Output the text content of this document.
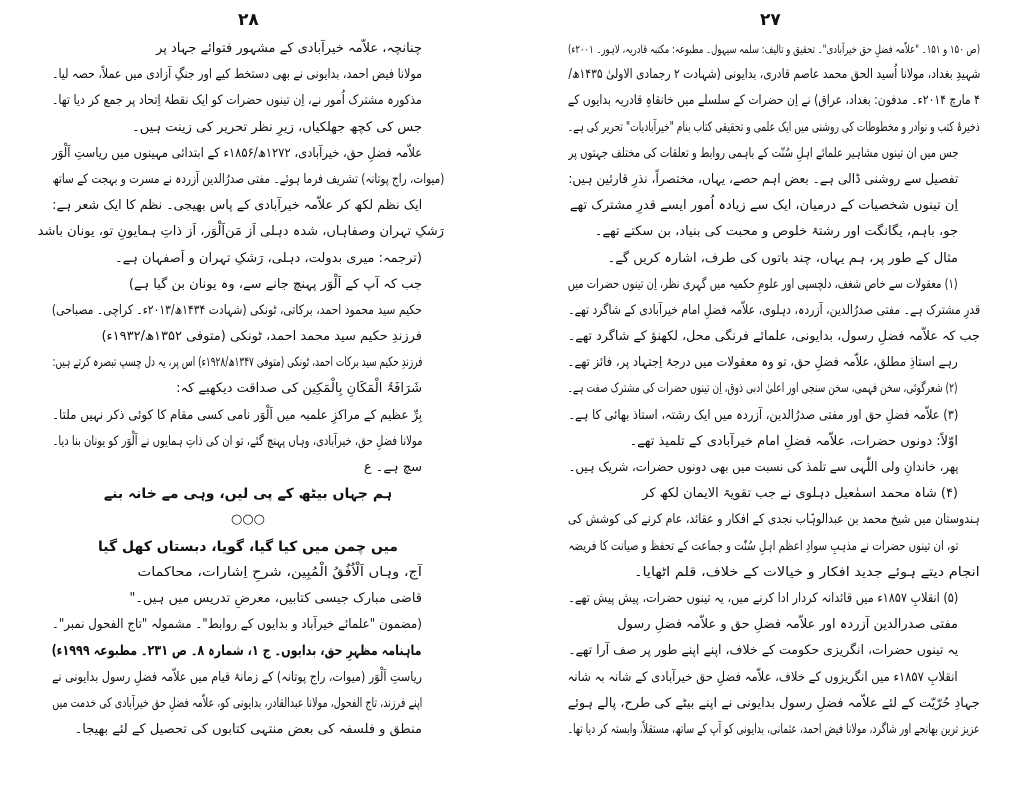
۲۸	۲۷
چنانچہ، علاّمہ خیرآبادی کے مشہور فتوائے جہاد پر
مولانا فیض احمد، بدایونی نے بھی دستخط کیے اور جنگِ آزادی میں عملاً، حصہ لیا۔
مذکورہ مشترک اُمور نے، اِن تینوں حضرات کو ایک نقطۂ اِتحاد پر جمع کر دیا تھا۔
جس کی کچھ جھلکیاں، زیرِ نظر تحریر کی زینت ہیں۔
علاّمہ فضلِ حق، خیرآبادی، ۱۲۷۲ھ/۱۸۵۶ء کے ابتدائی مہینوں میں ریاستِ اَلْوَر
(میوات، راج پوتانہ) تشریف فرما ہوئے۔ مفتی صدرُالدین آزردہ نے مسرت و بہجت کے ساتھ
ایک نظم لکھ کر علاّمہ خیرآبادی کے پاس بھیجی۔ نظم کا ایک شعر ہے:
رَشکِ تہران وصفاہاں، شدہ دہلی اَز مَن
اَلْوَر، اَز ذاتِ ہمایونِ تو، یونان باشد
(ترجمہ: میری بدولت، دہلی، رَشکِ تہران و اَصفہان ہے۔
جب کہ آپ کے اَلْوَر پہنچ جانے سے، وہ یونان بن گیا ہے)
حکیم سید محمود احمد، برکاتی، ٹونکی (شہادت ۱۴۳۴ھ/۲۰۱۳ء۔ کراچی۔ مصباحی)
فرزندِ حکیم سید محمد احمد، ٹونکی (متوفی ۱۳۵۲ھ/۱۹۳۲ء)
فرزندِ حکیم سید برکات احمد، ٹونکی (متوفی ۱۳۴۷ھ/۱۹۲۸ء) اس پر، یہ دل چسپ تبصرہ کرتے ہیں:
شَرَافَۃُ الْمَکَانِ بِالْمَکِین کی صداقت دیکھیے کہ:
بِرِّ عظیم کے مراکزِ علمیہ میں اَلْوَر نامی کسی مقام کا کوئی ذکر نہیں ملتا۔
مولانا فضلِ حق، خیرآبادی، وہاں پہنچ گئے، تو ان کی ذاتِ ہمایوں نے اَلْوَر کو یونان بنا دیا۔
سچ ہے۔ ع
ہم جہاں بیٹھ کے پی لیں، وہی مے خانہ بنے
○○○
میں چمن میں کیا گیا، گویا، دبستاں کھل گیا
آج، وہاں اَلْاُفُقُ الْمُبِین، شرحِ اِشارات، محاکمات
قاضی مبارک جیسی کتابیں، معرضِ تدریس میں ہیں۔"
(مضمون "علمائے خیرآباد و بدایوں کے روابط"۔ مشمولہ "تاج الفحول نمبر"۔
ماہنامہ مظہرِ حق، بدایوں۔ ج ۱، شمارہ ۸۔ ص ۲۳۱۔ مطبوعہ ۱۹۹۹ء)
ریاستِ اَلْوَر (میوات، راج پوتانہ) کے زمانۂ قیام میں علاّمہ فضلِ رسول بدایونی نے
اپنے فرزند، تاج الفحول، مولانا عبدالقادر، بدایونی کو، علاّمہ فضلِ حق خیرآبادی کی خدمت میں
منطق و فلسفہ کی بعض منتہی کتابوں کی تحصیل کے لئے بھیجا۔
(ص ۱۵۰ و ۱۵۱۔ "علاّمہ فضلِ حق خیرآبادی"۔ تحقیق و تالیف: سلمہ سیہول۔ مطبوعہ: مکتبہ قادریہ، لاہور۔ ۲۰۰۱ء)
شہیدِ بغداد، مولانا اُسید الحق محمد عاصم قادری، بدایونی (شہادت ۲ رجمادی الاولیٰ ۱۴۳۵ھ/
۴ مارچ ۲۰۱۴ء۔ مدفون: بغداد، عراق) نے اِن حضرات کے سلسلے میں خانقاہِ قادریہ بدایوں کے
ذخیرۂ کتب و نوادر و مخطوطات کی روشنی میں ایک علمی و تحقیقی کتاب بنام "خیرآبادیات" تحریر کی ہے۔
جس میں ان تینوں مشاہیر علمائے اہلِ سُنّت کے باہمی روابط و تعلقات کی مختلف جہتوں پر
تفصیل سے روشنی ڈالی ہے۔ بعض اہم حصے، یہاں، مختصراً، نذرِ قارئین ہیں:
اِن تینوں شخصیات کے درمیان، ایک سے زیادہ اُمور ایسے قدرِ مشترک تھے
جو، باہم، یگانگت اور رشتۂ خلوص و محبت کی بنیاد، بن سکتے تھے۔
مثال کے طور پر، ہم یہاں، چند باتوں کی طرف، اشارہ کریں گے۔
(۱) معقولات سے خاص شغف، دلچسپی اور علومِ حکمیہ میں گہری نظر، اِن تینوں حضرات میں
قدرِ مشترک ہے۔ مفتی صدرُالدین، آزردہ، دہلوی، علاّمہ فضلِ امام خیرآبادی کے شاگرد تھے۔
جب کہ علاّمہ فضلِ رسول، بدایونی، علمائے فرنگی محل، لکھنؤ کے شاگرد تھے۔
رہے استاذِ مطلق، علاّمہ فضلِ حق، تو وہ معقولات میں درجۂ اِجتہاد پر، فائز تھے۔
(۲) شعرگوئی، سخن فہمی، سخن سنجی اور اعلیٰ ادبی ذوق، اِن تینوں حضرات کی مشترک صفت ہے۔
(۳) علاّمہ فضلِ حق اور مفتی صدرُالدین، آزردہ میں ایک رشتہ، استاذ بھائی کا ہے۔
اوّلاً: دونوں حضرات، علاّمہ فضلِ امام خیرآبادی کے تلمیذ تھے۔
پھر، خاندانِ ولی اللّٰہی سے تلمذ کی نسبت میں بھی دونوں حضرات، شریک ہیں۔
(۴) شاہ محمد اسمٰعیل دہلوی نے جب تقویۃ الایمان لکھ کر
ہندوستان میں شیخ محمد بن عبدالوہّاب نجدی کے افکار و عقائد، عام کرنے کی کوشش کی
تو، ان تینوں حضرات نے مذہبِ سوادِ اعظم اہلِ سُنّت و جماعت کے تحفظ و صیانت کا فریضہ
انجام دیتے ہوئے جدید افکار و خیالات کے خلاف، قلم اٹھایا۔
(۵) انقلابِ ۱۸۵۷ء میں قائدانہ کردار ادا کرنے میں، یہ تینوں حضرات، پیش پیش تھے۔
مفتی صدرالدین آزردہ اور علاّمہ فضلِ حق و علاّمہ فضلِ رسول
یہ تینوں حضرات، انگریزی حکومت کے خلاف، اپنے اپنے طور پر صف آرا تھے۔
انقلابِ ۱۸۵۷ء میں انگریزوں کے خلاف، علاّمہ فضلِ حق خیرآبادی کے شانہ بہ شانہ
جہادِ حُرّیّت کے لئے علاّمہ فضلِ رسول بدایونی نے اپنے بیٹے کی طرح، پالے ہوئے
عزیز ترین بھانجے اور شاگرد، مولانا فیض احمد، عثمانی، بدایونی کو آپ کے ساتھ، مستقلاً، وابستہ کر دیا تھا۔
